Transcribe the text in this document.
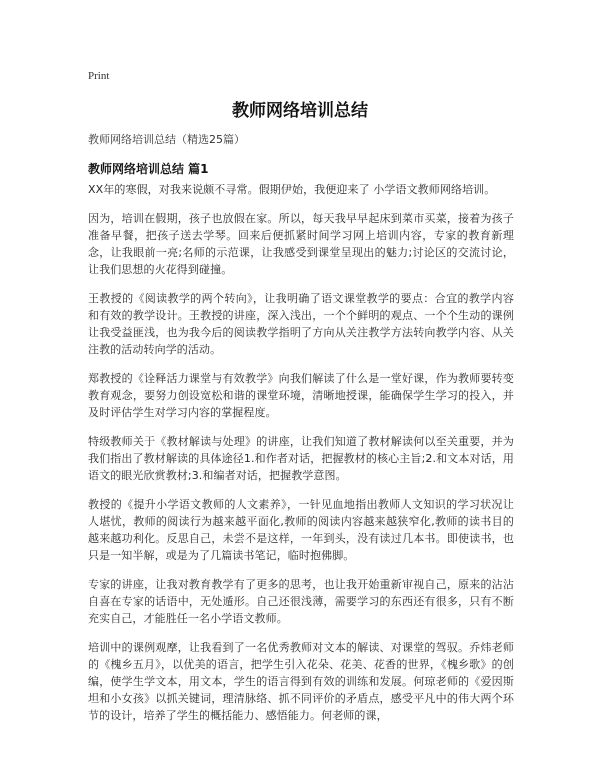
Print
教师网络培训总结
教师网络培训总结（精选25篇）
教师网络培训总结 篇1

XX年的寒假，对我来说颇不寻常。假期伊始，我便迎来了 小学语文教师网络培训。

因为，培训在假期，孩子也放假在家。所以，每天我早早起床到菜市买菜，接着为孩子准备早餐，把孩子送去学琴。回来后便抓紧时间学习网上培训内容，专家的教育新理念，让我眼前一亮;名师的示范课，让我感受到课堂呈现出的魅力;讨论区的交流讨论，让我们思想的火花得到碰撞。

王教授的《阅读教学的两个转向》，让我明确了语文课堂教学的要点：合宜的教学内容和有效的教学设计。王教授的讲座，深入浅出，一个个鲜明的观点、一个个生动的课例让我受益匪浅，也为我今后的阅读教学指明了方向从关注教学方法转向教学内容、从关注教的活动转向学的活动。

郑教授的《诠释活力课堂与有效教学》向我们解读了什么是一堂好课，作为教师要转变教育观念，要努力创设宽松和谐的课堂环境，清晰地授课，能确保学生学习的投入，并及时评估学生对学习内容的掌握程度。

特级教师关于《教材解读与处理》的讲座，让我们知道了教材解读何以至关重要，并为我们指出了教材解读的具体途径1.和作者对话，把握教材的核心主旨;2.和文本对话，用语文的眼光欣赏教材;3.和编者对话，把握教学意图。

教授的《提升小学语文教师的人文素养》，一针见血地指出教师人文知识的学习状况让人堪忧，教师的阅读行为越来越平面化,教师的阅读内容越来越狭窄化,教师的读书目的越来越功利化。反思自己，未尝不是这样，一年到头，没有读过几本书。即使读书，也只是一知半解，或是为了几篇读书笔记，临时抱佛脚。

专家的讲座，让我对教育教学有了更多的思考，也让我开始重新审视自己，原来的沾沾自喜在专家的话语中，无处遁形。自己还很浅薄，需要学习的东西还有很多，只有不断充实自己，才能胜任一名小学语文教师。

培训中的课例观摩，让我看到了一名优秀教师对文本的解读、对课堂的驾驭。乔炜老师的《槐乡五月》，以优美的语言，把学生引入花朵、花美、花香的世界，《槐乡歌》的创编，使学生学文本，用文本，学生的语言得到有效的训练和发展。何琼老师的《爱因斯坦和小女孩》以抓关键词，理清脉络、抓不同评价的矛盾点，感受平凡中的伟大两个环节的设计，培养了学生的概括能力、感悟能力。何老师的课，
